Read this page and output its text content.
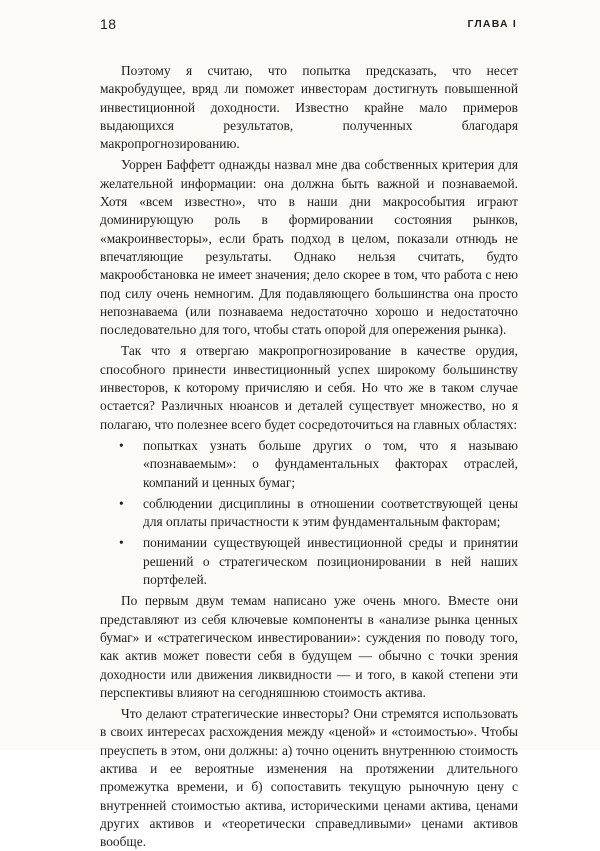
18	ГЛАВА I

Поэтому я считаю, что попытка предсказать, что несет макробудущее, вряд ли поможет инвесторам достигнуть повышенной инвестиционной доходности. Известно крайне мало примеров выдающихся результатов, полученных благодаря макропрогнозированию.

Уоррен Баффетт однажды назвал мне два собственных критерия для желательной информации: она должна быть важной и познаваемой. Хотя «всем известно», что в наши дни макрособытия играют доминирующую роль в формировании состояния рынков, «макроинвесторы», если брать подход в целом, показали отнюдь не впечатляющие результаты. Однако нельзя считать, будто макрообстановка не имеет значения; дело скорее в том, что работа с нею под силу очень немногим. Для подавляющего большинства она просто непознаваема (или познаваема недостаточно хорошо и недостаточно последовательно для того, чтобы стать опорой для опережения рынка).

Так что я отвергаю макропрогнозирование в качестве орудия, способного принести инвестиционный успех широкому большинству инвесторов, к которому причисляю и себя. Но что же в таком случае остается? Различных нюансов и деталей существует множество, но я полагаю, что полезнее всего будет сосредоточиться на главных областях:

• попытках узнать больше других о том, что я называю «познаваемым»: о фундаментальных факторах отраслей, компаний и ценных бумаг;
• соблюдении дисциплины в отношении соответствующей цены для оплаты причастности к этим фундаментальным факторам;
• понимании существующей инвестиционной среды и принятии решений о стратегическом позиционировании в ней наших портфелей.

По первым двум темам написано уже очень много. Вместе они представляют из себя ключевые компоненты в «анализе рынка ценных бумаг» и «стратегическом инвестировании»: суждения по поводу того, как актив может повести себя в будущем — обычно с точки зрения доходности или движения ликвидности — и того, в какой степени эти перспективы влияют на сегодняшнюю стоимость актива.

Что делают стратегические инвесторы? Они стремятся использовать в своих интересах расхождения между «ценой» и «стоимостью». Чтобы преуспеть в этом, они должны: а) точно оценить внутреннюю стоимость актива и ее вероятные изменения на протяжении длительного промежутка времени, и б) сопоставить текущую рыночную цену с внутренней стоимостью актива, историческими ценами актива, ценами других активов и «теоретически справедливыми» ценами активов вообще.
